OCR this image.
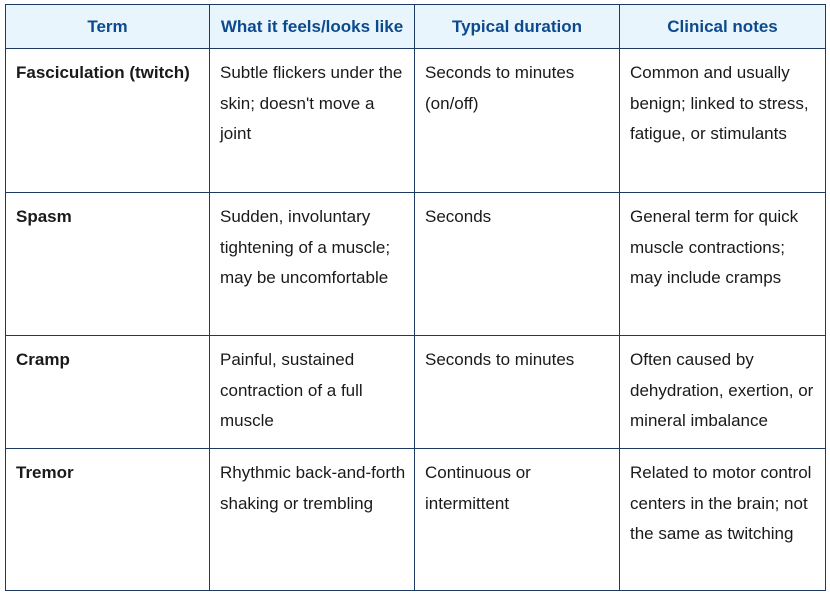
Term	What it feels/looks like	Typical duration	Clinical notes
Fasciculation (twitch)	Subtle flickers under the skin; doesn't move a joint	Seconds to minutes (on/off)	Common and usually benign; linked to stress, fatigue, or stimulants
Spasm	Sudden, involuntary tightening of a muscle; may be uncomfortable	Seconds	General term for quick muscle contractions; may include cramps
Cramp	Painful, sustained contraction of a full muscle	Seconds to minutes	Often caused by dehydration, exertion, or mineral imbalance
Tremor	Rhythmic back-and-forth shaking or trembling	Continuous or intermittent	Related to motor control centers in the brain; not the same as twitching
